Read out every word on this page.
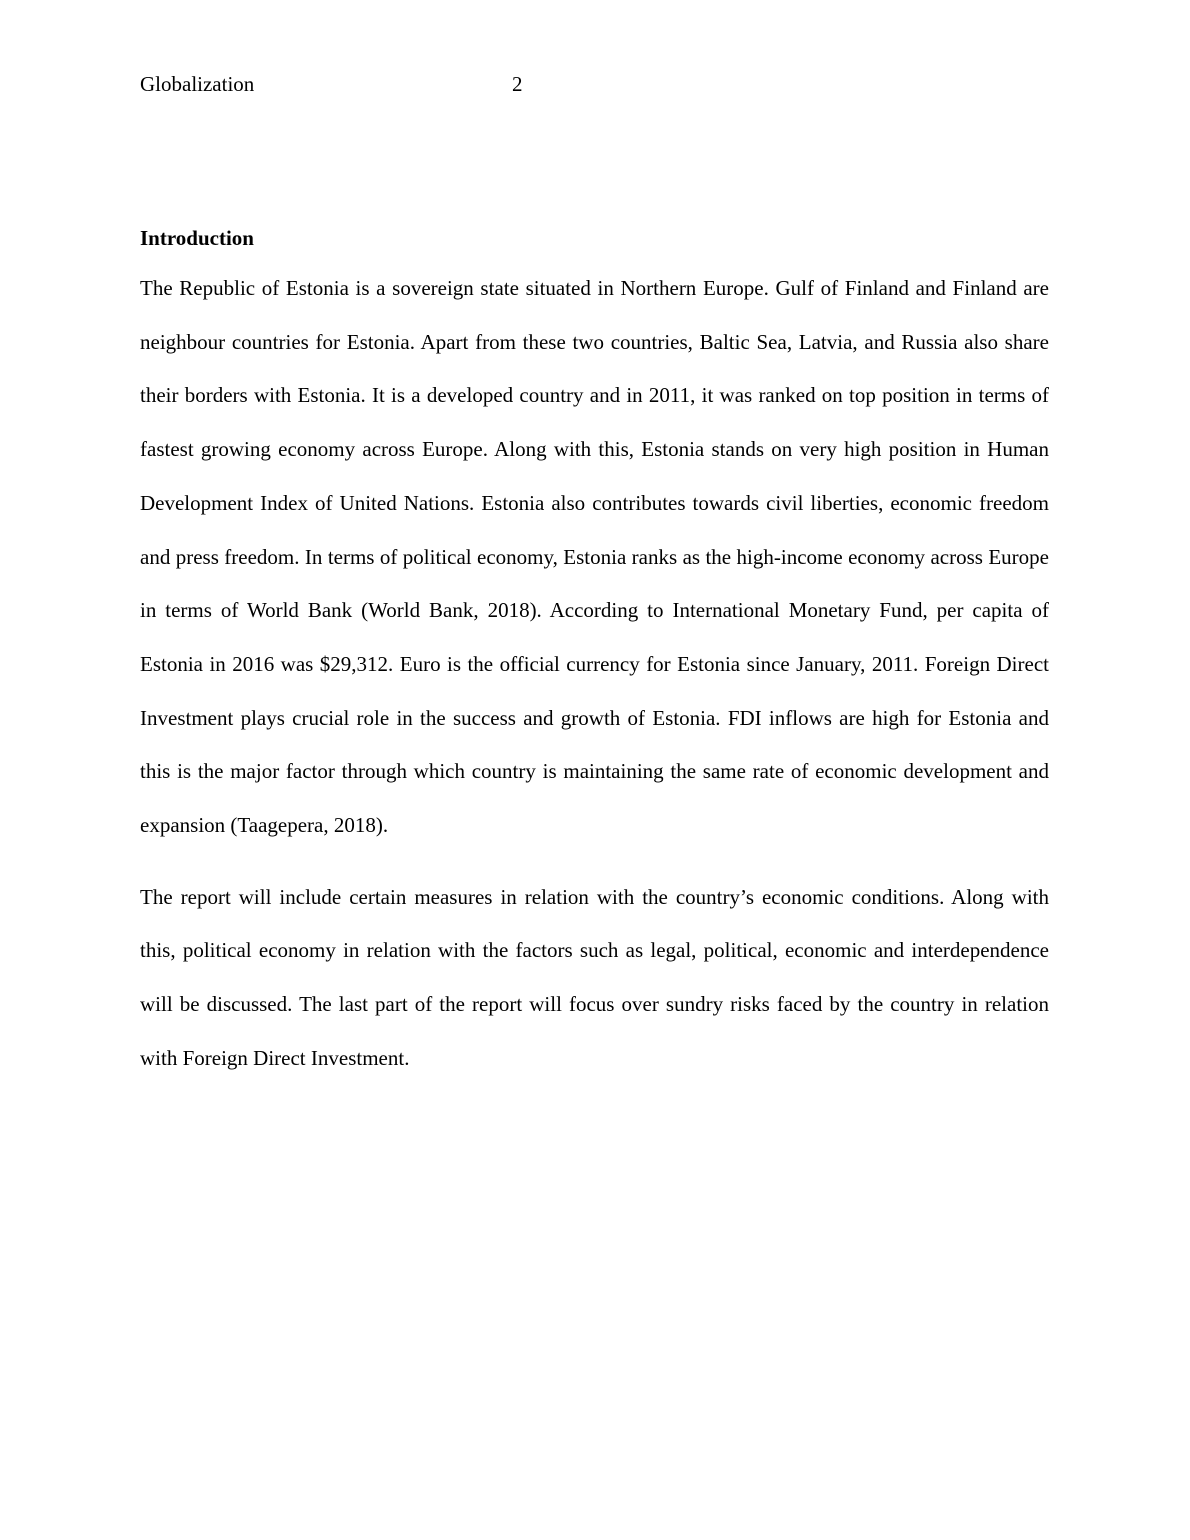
Globalization	2
Introduction

The Republic of Estonia is a sovereign state situated in Northern Europe. Gulf of Finland and Finland are neighbour countries for Estonia. Apart from these two countries, Baltic Sea, Latvia, and Russia also share their borders with Estonia. It is a developed country and in 2011, it was ranked on top position in terms of fastest growing economy across Europe. Along with this, Estonia stands on very high position in Human Development Index of United Nations. Estonia also contributes towards civil liberties, economic freedom and press freedom. In terms of political economy, Estonia ranks as the high-income economy across Europe in terms of World Bank (World Bank, 2018). According to International Monetary Fund, per capita of Estonia in 2016 was $29,312. Euro is the official currency for Estonia since January, 2011. Foreign Direct Investment plays crucial role in the success and growth of Estonia. FDI inflows are high for Estonia and this is the major factor through which country is maintaining the same rate of economic development and expansion (Taagepera, 2018).

The report will include certain measures in relation with the country’s economic conditions. Along with this, political economy in relation with the factors such as legal, political, economic and interdependence will be discussed. The last part of the report will focus over sundry risks faced by the country in relation with Foreign Direct Investment.
